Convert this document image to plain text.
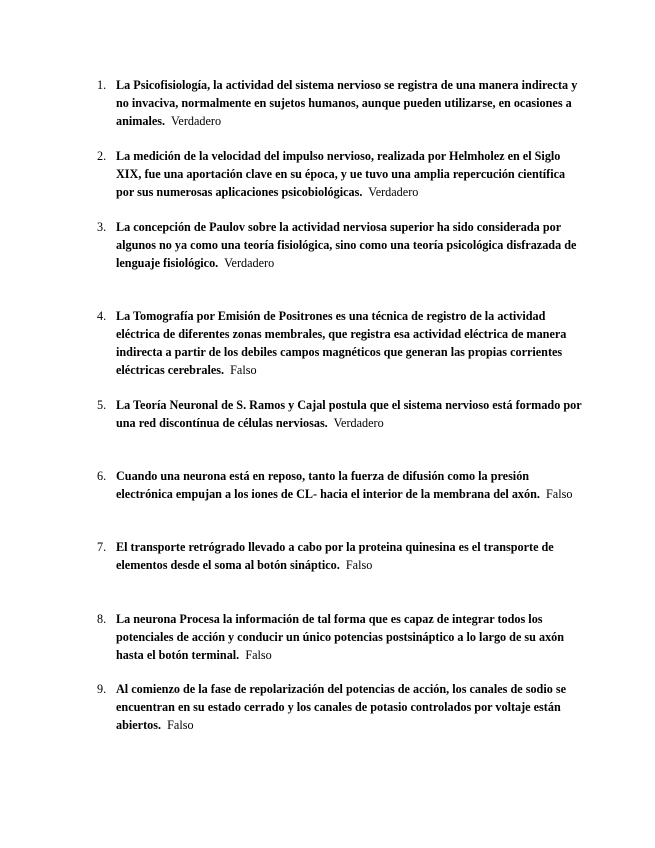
1. La Psicofisiología, la actividad del sistema nervioso se registra de una manera indirecta y no invaciva, normalmente en sujetos humanos, aunque pueden utilizarse, en ocasiones a animales. Verdadero
2. La medición de la velocidad del impulso nervioso, realizada por Helmholez en el Siglo XIX, fue una aportación clave en su época, y ue tuvo una amplia repercución científica por sus numerosas aplicaciones psicobiológicas. Verdadero
3. La concepción de Paulov sobre la actividad nerviosa superior ha sido considerada por algunos no ya como una teoría fisiológica, sino como una teoría psicológica disfrazada de lenguaje fisiológico. Verdadero
4. La Tomografía por Emisión de Positrones es una técnica de registro de la actividad eléctrica de diferentes zonas membrales, que registra esa actividad eléctrica de manera indirecta a partir de los debiles campos magnéticos que generan las propias corrientes eléctricas cerebrales. Falso
5. La Teoría Neuronal de S. Ramos y Cajal postula que el sistema nervioso está formado por una red discontínua de células nerviosas. Verdadero
6. Cuando una neurona está en reposo, tanto la fuerza de difusión como la presión electrónica empujan a los iones de CL- hacia el interior de la membrana del axón. Falso
7. El transporte retrógrado llevado a cabo por la proteina quinesina es el transporte de elementos desde el soma al botón sináptico. Falso
8. La neurona Procesa la información de tal forma que es capaz de integrar todos los potenciales de acción y conducir un único potencias postsináptico a lo largo de su axón hasta el botón terminal. Falso
9. Al comienzo de la fase de repolarización del potencias de acción, los canales de sodio se encuentran en su estado cerrado y los canales de potasio controlados por voltaje están abiertos. Falso
